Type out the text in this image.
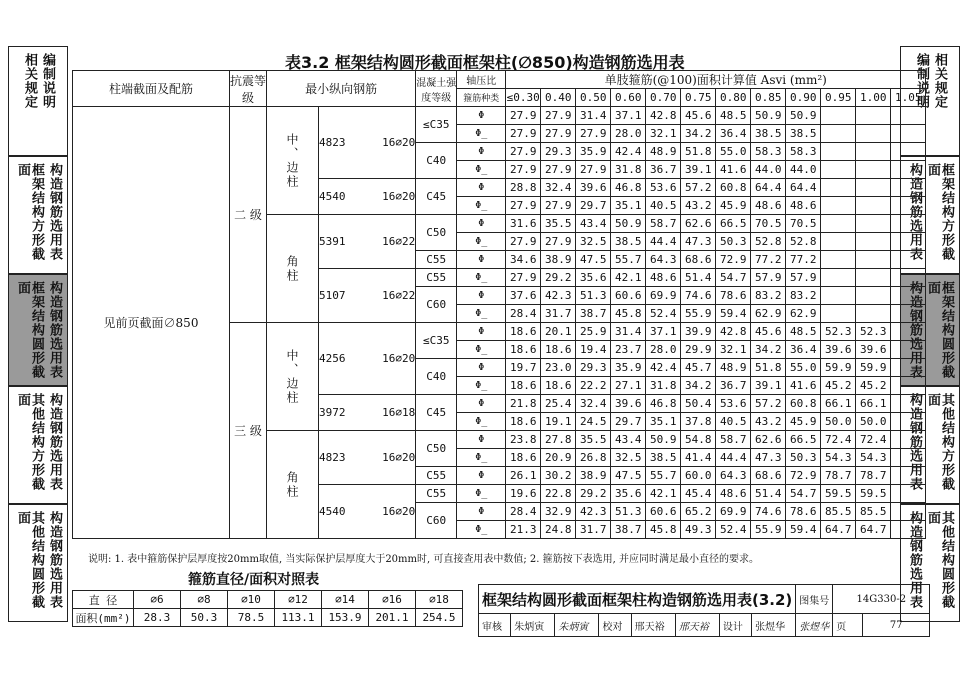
相关规定 编制说明
框架结构方形截面	构造钢筋选用表
框架结构圆形截面	构造钢筋选用表
其他结构方形截面	构造钢筋选用表
其他结构圆形截面	构造钢筋选用表
编制说明 相关规定
构造钢筋选用表	框架结构方形截面
构造钢筋选用表	框架结构圆形截面
构造钢筋选用表	其他结构方形截面
构造钢筋选用表	其他结构圆形截面
表3.2 框架结构圆形截面框架柱(∅850)构造钢筋选用表
柱端截面及配筋	抗震等级	最小纵向钢筋		混凝土强度等级	轴压比	单肢箍筋(@100)面积计算值 Asvi (mm²)											
					箍筋种类	≤0.30	0.40	0.50	0.60	0.70	0.75	0.80	0.85	0.90	0.95	1.00	1.05
见前页截面∅850	二 级	中、边柱	4823 16⌀20	≤C35	Φ	27.9	27.9	31.4	37.1	42.8	45.6	48.5	50.9	50.9			
					Φ̲	27.9	27.9	27.9	28.0	32.1	34.2	36.4	38.5	38.5			
				C40	Φ	27.9	29.3	35.9	42.4	48.9	51.8	55.0	58.3	58.3			
					Φ̲	27.9	27.9	27.9	31.8	36.7	39.1	41.6	44.0	44.0			
			4540 16⌀20	C45	Φ	28.8	32.4	39.6	46.8	53.6	57.2	60.8	64.4	64.4			
					Φ̲	27.9	27.9	29.7	35.1	40.5	43.2	45.9	48.6	48.6			
		角柱	5391 16⌀22	C50	Φ	31.6	35.5	43.4	50.9	58.7	62.6	66.5	70.5	70.5			
					Φ̲	27.9	27.9	32.5	38.5	44.4	47.3	50.3	52.8	52.8			
				C55	Φ	34.6	38.9	47.5	55.7	64.3	68.6	72.9	77.2	77.2			
			5107 16⌀22	C55	Φ̲	27.9	29.2	35.6	42.1	48.6	51.4	54.7	57.9	57.9			
				C60	Φ	37.6	42.3	51.3	60.6	69.9	74.6	78.6	83.2	83.2			
					Φ̲	28.4	31.7	38.7	45.8	52.4	55.9	59.4	62.9	62.9			
	三 级	中、边柱	4256 16⌀20	≤C35	Φ	18.6	20.1	25.9	31.4	37.1	39.9	42.8	45.6	48.5	52.3	52.3	
					Φ̲	18.6	18.6	19.4	23.7	28.0	29.9	32.1	34.2	36.4	39.6	39.6	
				C40	Φ	19.7	23.0	29.3	35.9	42.4	45.7	48.9	51.8	55.0	59.9	59.9	
					Φ̲	18.6	18.6	22.2	27.1	31.8	34.2	36.7	39.1	41.6	45.2	45.2	
			3972 16⌀18	C45	Φ	21.8	25.4	32.4	39.6	46.8	50.4	53.6	57.2	60.8	66.1	66.1	
					Φ̲	18.6	19.1	24.5	29.7	35.1	37.8	40.5	43.2	45.9	50.0	50.0	
		角柱	4823 16⌀20	C50	Φ	23.8	27.8	35.5	43.4	50.9	54.8	58.7	62.6	66.5	72.4	72.4	
					Φ̲	18.6	20.9	26.8	32.5	38.5	41.4	44.4	47.3	50.3	54.3	54.3	
				C55	Φ	26.1	30.2	38.9	47.5	55.7	60.0	64.3	68.6	72.9	78.7	78.7	
			4540 16⌀20	C55	Φ̲	19.6	22.8	29.2	35.6	42.1	45.4	48.6	51.4	54.7	59.5	59.5	
				C60	Φ	28.4	32.9	42.3	51.3	60.6	65.2	69.9	74.6	78.6	85.5	85.5	
					Φ̲	21.3	24.8	31.7	38.7	45.8	49.3	52.4	55.9	59.4	64.7	64.7	
说明: 1. 表中箍筋保护层厚度按20mm取值, 当实际保护层厚度大于20mm时, 可直接查用表中数值; 2. 箍筋按下表选用, 并应同时满足最小直径的要求。
箍筋直径/面积对照表
直 径	∅6	∅8	∅10	∅12	∅14	∅16	∅18
面积(mm²)	28.3	50.3	78.5	113.1	153.9	201.1	254.5
框架结构圆形截面框架柱构造钢筋选用表(3.2)								图集号	14G330-2	
审核	朱炳寅	朱炳寅	校对	邢天裕	邢天裕	设计	张煜华	张煜华	页	77
